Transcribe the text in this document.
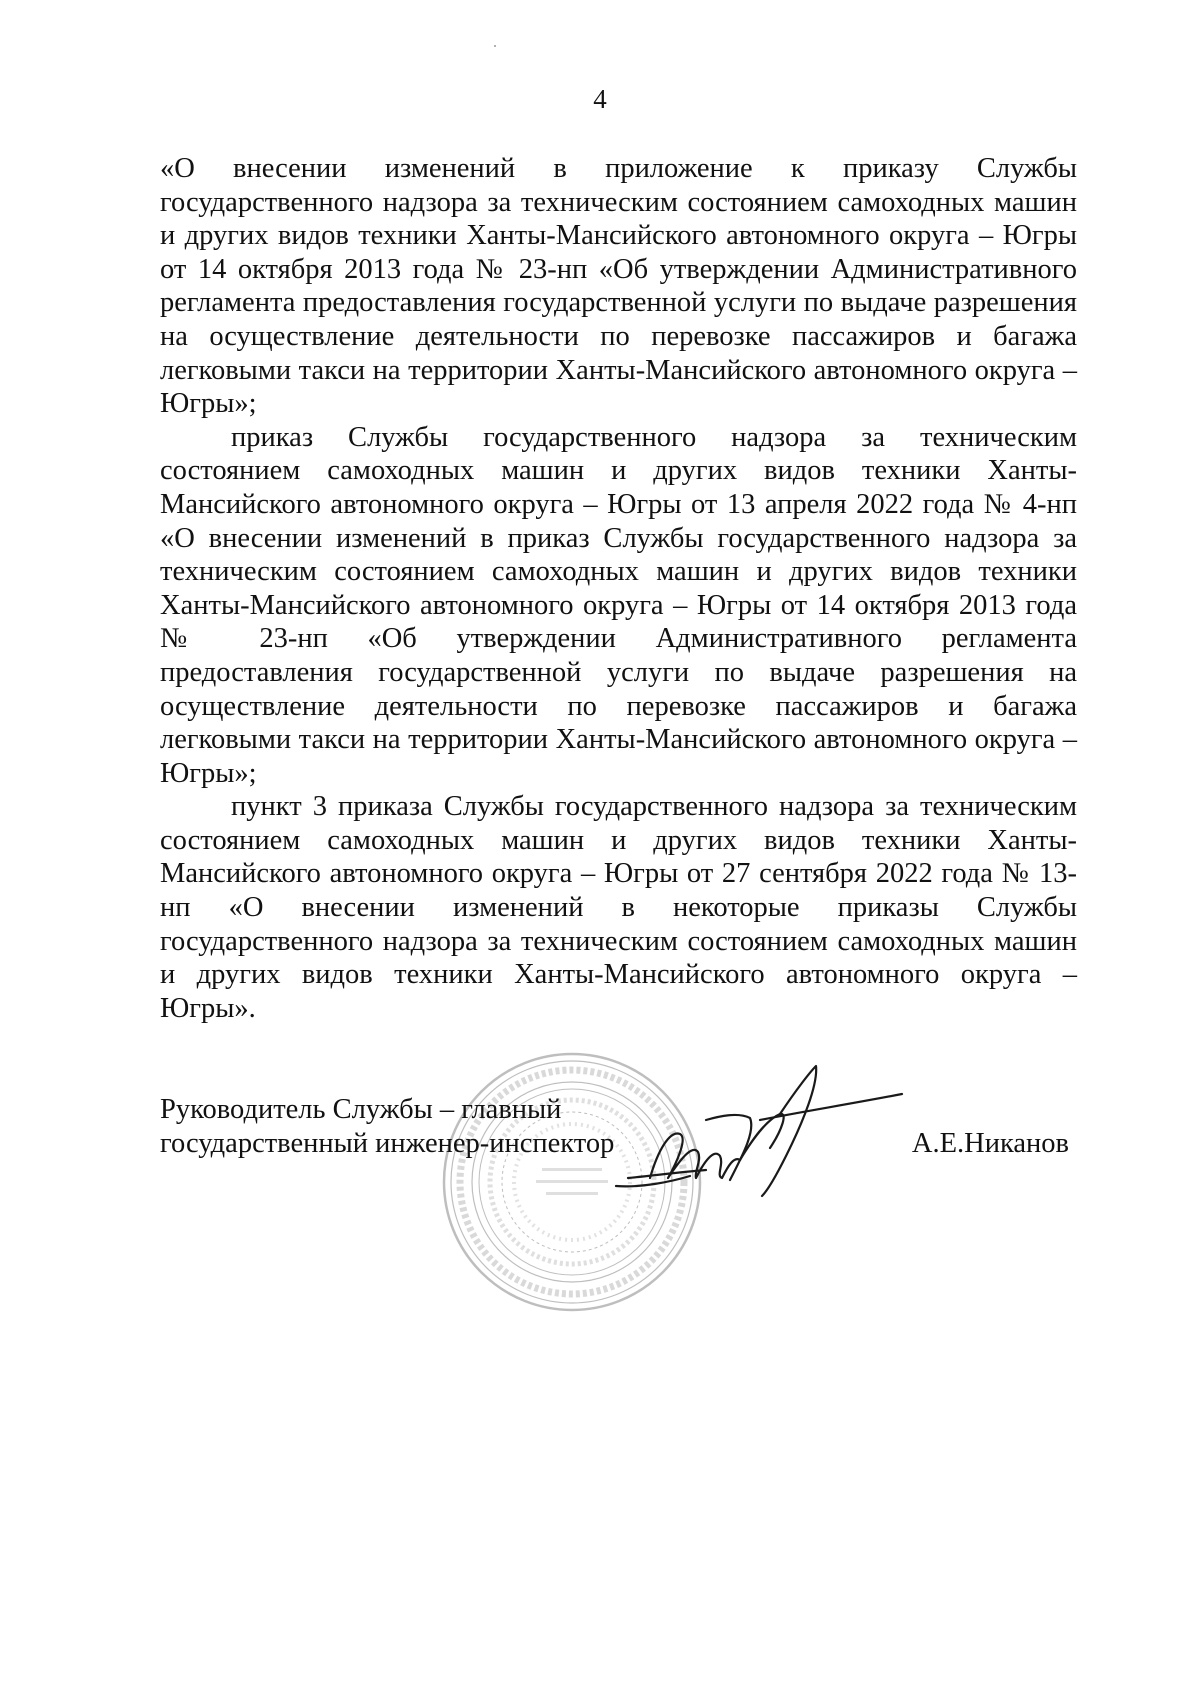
4

«О внесении изменений в приложение к приказу Службы государственного надзора за техническим состоянием самоходных машин и других видов техники Ханты-Мансийского автономного округа – Югры от 14 октября 2013 года № 23-нп «Об утверждении Административного регламента предоставления государственной услуги по выдаче разрешения на осуществление деятельности по перевозке пассажиров и багажа легковыми такси на территории Ханты-Мансийского автономного округа – Югры»;

приказ Службы государственного надзора за техническим состоянием самоходных машин и других видов техники Ханты-Мансийского автономного округа – Югры от 13 апреля 2022 года № 4-нп «О внесении изменений в приказ Службы государственного надзора за техническим состоянием самоходных машин и других видов техники Ханты-Мансийского автономного округа – Югры от 14 октября 2013 года № 23-нп «Об утверждении Административного регламента предоставления государственной услуги по выдаче разрешения на осуществление деятельности по перевозке пассажиров и багажа легковыми такси на территории Ханты-Мансийского автономного округа – Югры»;

пункт 3 приказа Службы государственного надзора за техническим состоянием самоходных машин и других видов техники Ханты-Мансийского автономного округа – Югры от 27 сентября 2022 года № 13-нп «О внесении изменений в некоторые приказы Службы государственного надзора за техническим состоянием самоходных машин и других видов техники Ханты-Мансийского автономного округа – Югры».

Руководитель Службы – главный
государственный инженер-инспектор	А.Е.Никанов
